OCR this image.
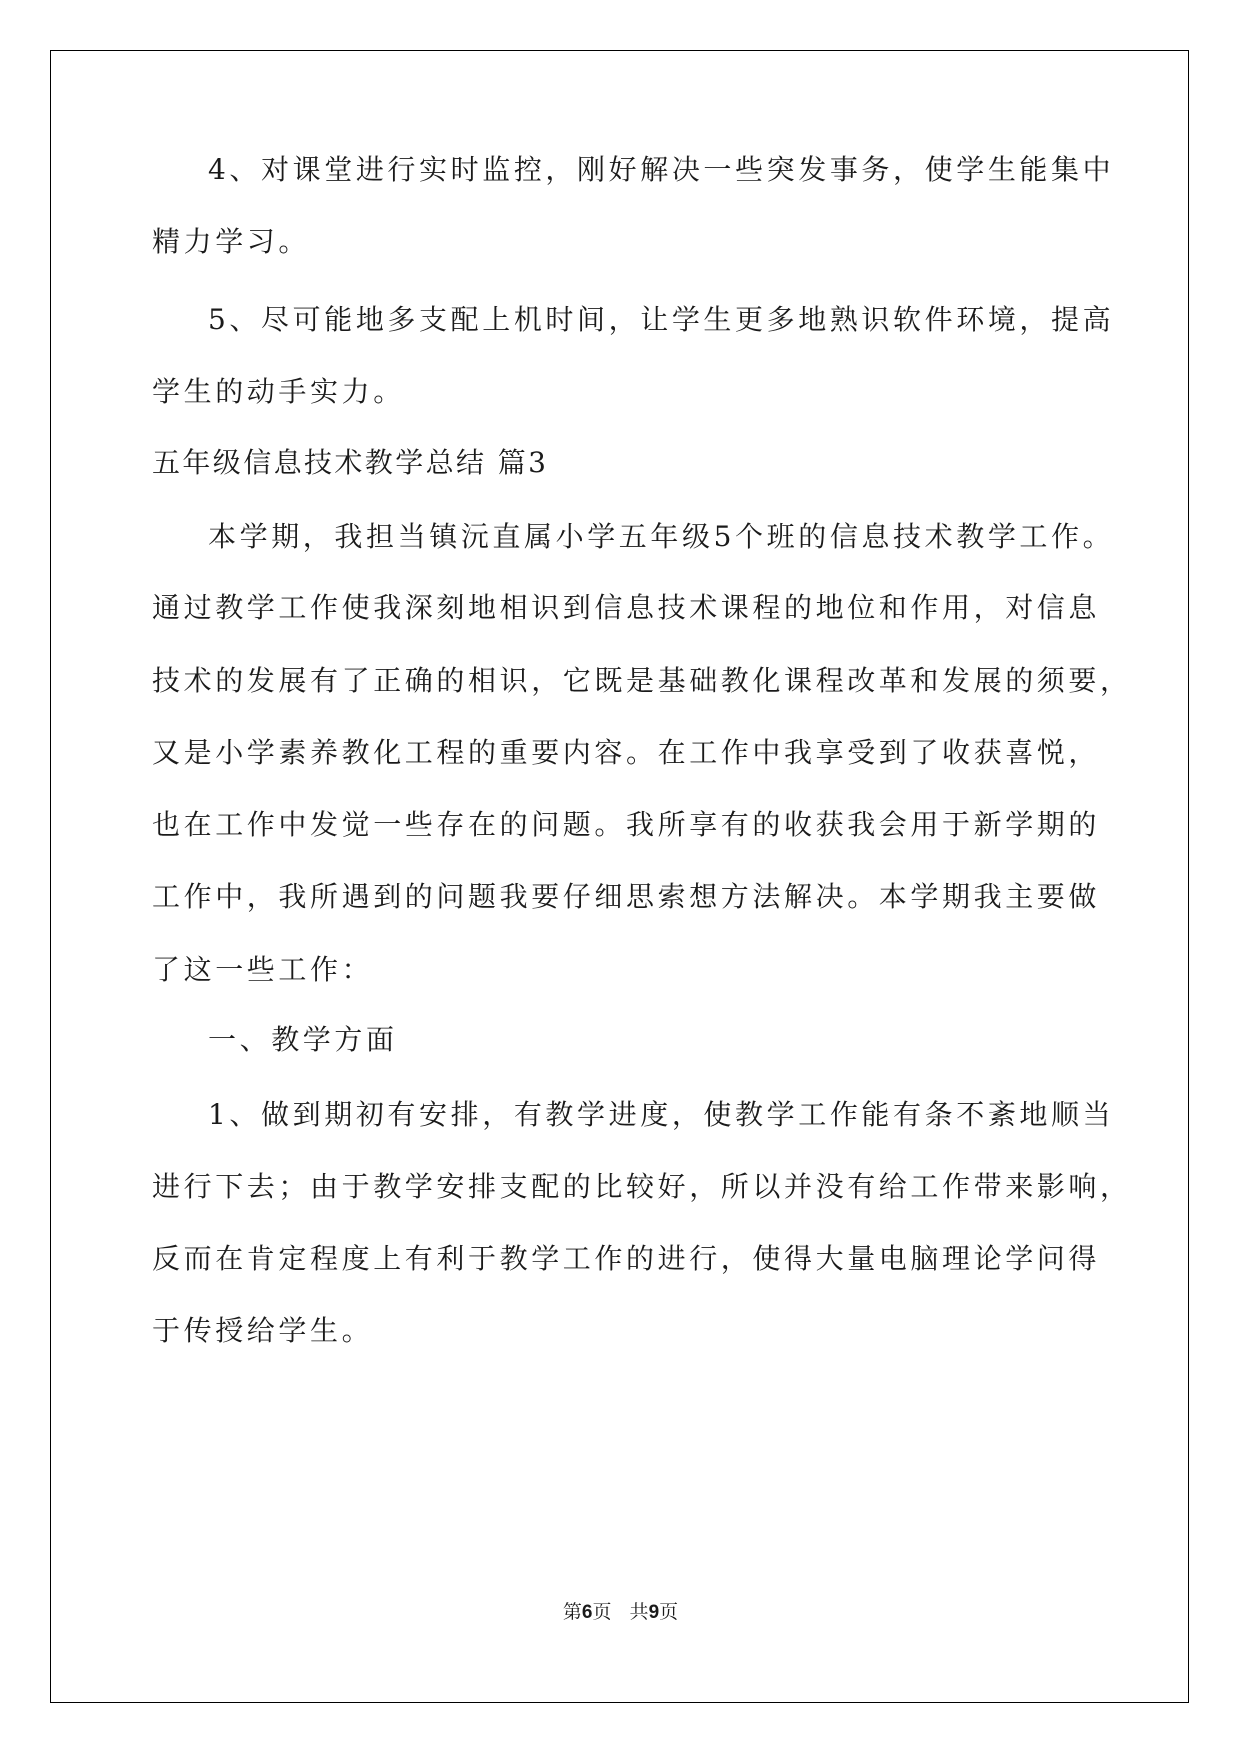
4、对课堂进行实时监控，刚好解决一些突发事务，使学生能集中
精力学习。
5、尽可能地多支配上机时间，让学生更多地熟识软件环境，提高
学生的动手实力。
五年级信息技术教学总结 篇3
本学期，我担当镇沅直属小学五年级5个班的信息技术教学工作。
通过教学工作使我深刻地相识到信息技术课程的地位和作用，对信息
技术的发展有了正确的相识，它既是基础教化课程改革和发展的须要，
又是小学素养教化工程的重要内容。在工作中我享受到了收获喜悦，
也在工作中发觉一些存在的问题。我所享有的收获我会用于新学期的
工作中，我所遇到的问题我要仔细思索想方法解决。本学期我主要做
了这一些工作：
一、教学方面
1、做到期初有安排，有教学进度，使教学工作能有条不紊地顺当
进行下去；由于教学安排支配的比较好，所以并没有给工作带来影响，
反而在肯定程度上有利于教学工作的进行，使得大量电脑理论学问得
于传授给学生。
第6页   共9页
